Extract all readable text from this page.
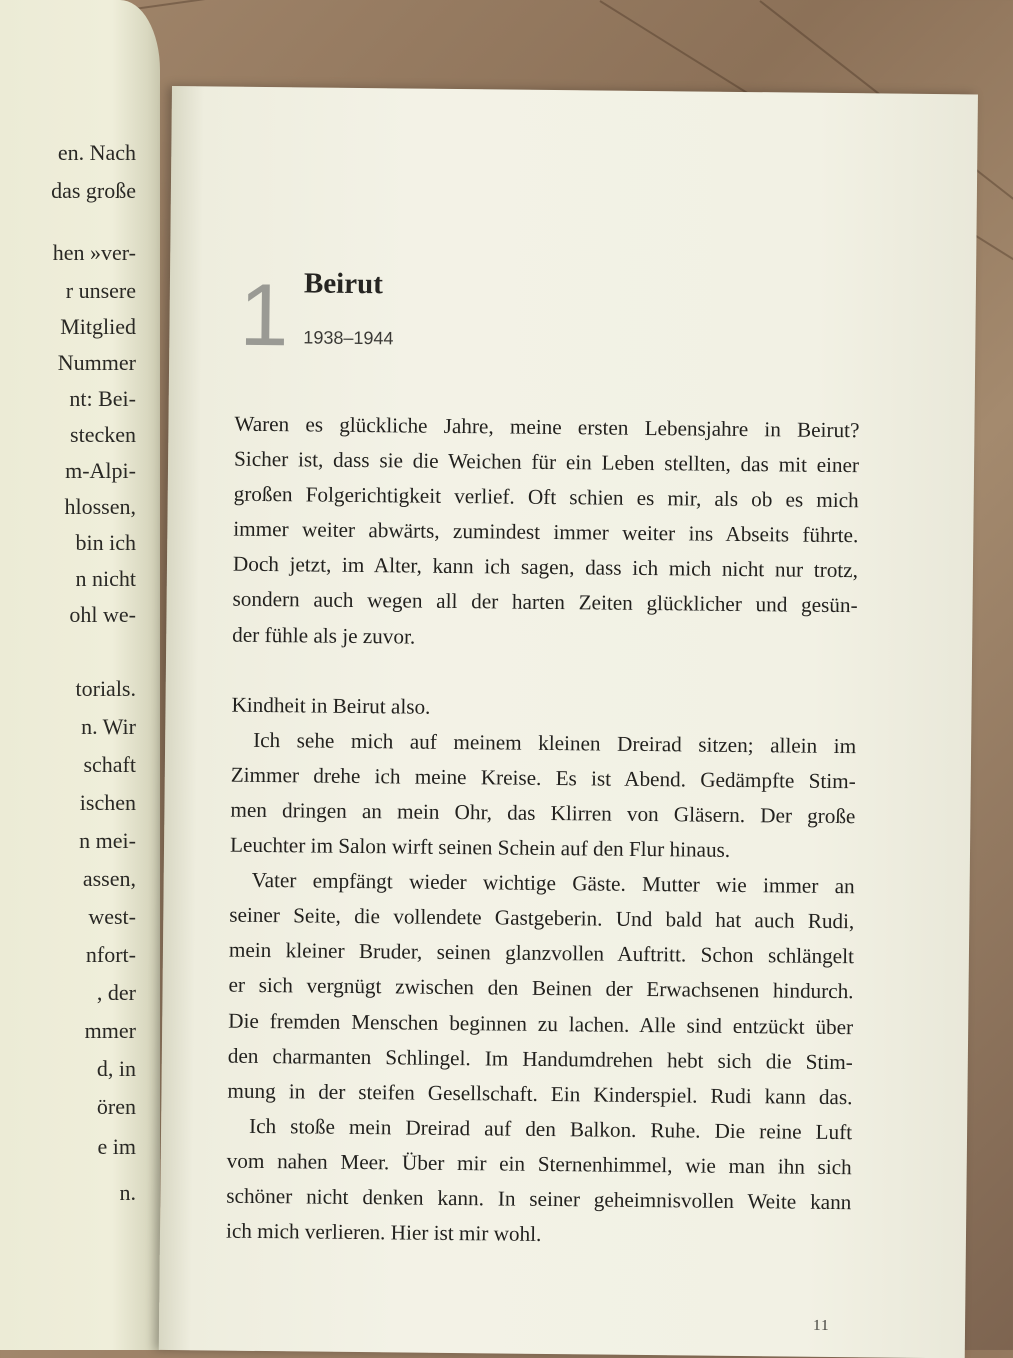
en. Nach
das große
hen »ver-
r unsere
Mitglied
Nummer
nt: Bei-
stecken
m-Alpi-
hlossen,
bin ich
n nicht
ohl we-
torials.
n. Wir
schaft
ischen
n mei-
assen,
west-
nfort-
, der
mmer
d, in
ören
e im
n.
1 Beirut
1938–1944

Waren es glückliche Jahre, meine ersten Lebensjahre in Beirut?

Sicher ist, dass sie die Weichen für ein Leben stellten, das mit einer

großen Folgerichtigkeit verlief. Oft schien es mir, als ob es mich

immer weiter abwärts, zumindest immer weiter ins Abseits führte.

Doch jetzt, im Alter, kann ich sagen, dass ich mich nicht nur trotz,

sondern auch wegen all der harten Zeiten glücklicher und gesün-

der fühle als je zuvor.

Kindheit in Beirut also.

Ich sehe mich auf meinem kleinen Dreirad sitzen; allein im

Zimmer drehe ich meine Kreise. Es ist Abend. Gedämpfte Stim-

men dringen an mein Ohr, das Klirren von Gläsern. Der große

Leuchter im Salon wirft seinen Schein auf den Flur hinaus.

Vater empfängt wieder wichtige Gäste. Mutter wie immer an

seiner Seite, die vollendete Gastgeberin. Und bald hat auch Rudi,

mein kleiner Bruder, seinen glanzvollen Auftritt. Schon schlängelt

er sich vergnügt zwischen den Beinen der Erwachsenen hindurch.

Die fremden Menschen beginnen zu lachen. Alle sind entzückt über

den charmanten Schlingel. Im Handumdrehen hebt sich die Stim-

mung in der steifen Gesellschaft. Ein Kinderspiel. Rudi kann das.

Ich stoße mein Dreirad auf den Balkon. Ruhe. Die reine Luft

vom nahen Meer. Über mir ein Sternenhimmel, wie man ihn sich

schöner nicht denken kann. In seiner geheimnisvollen Weite kann

ich mich verlieren. Hier ist mir wohl.

11
